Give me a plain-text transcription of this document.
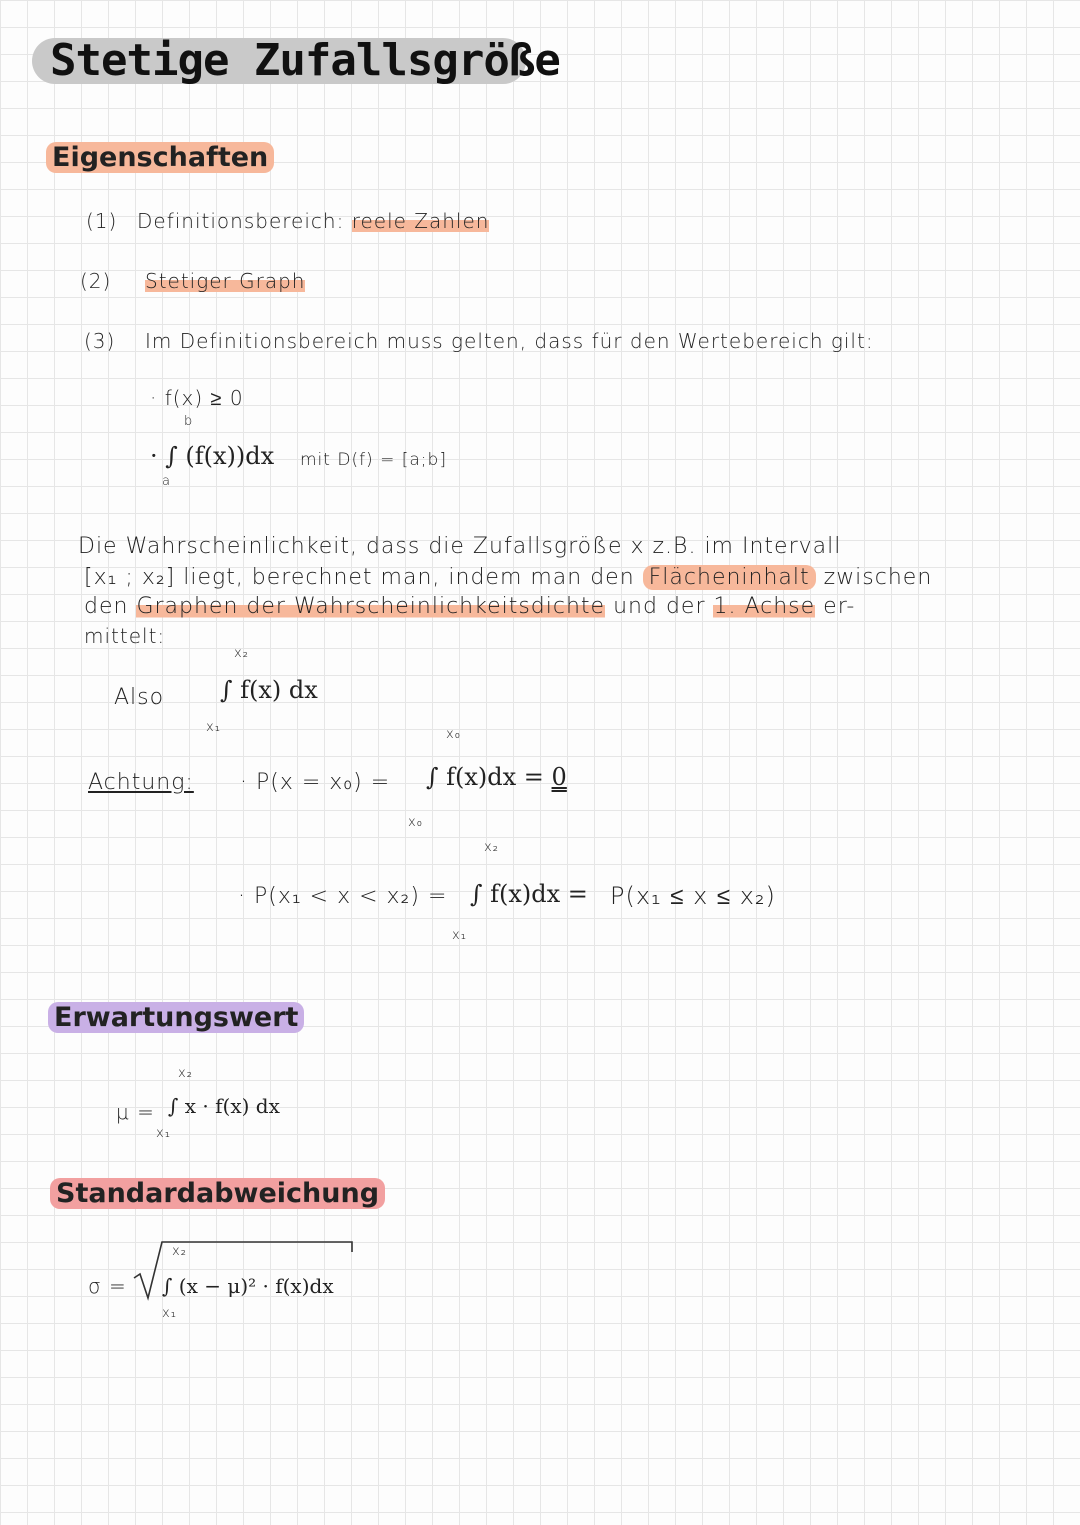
Stetige Zufallsgröße
Eigenschaften
(1) Definitionsbereich: reele Zahlen
(2) Stetiger Graph
(3) Im Definitionsbereich muss gelten, dass für den Wertebereich gilt:
· f(x) ≥ 0
b
· ∫ (f(x))dx
a
mit D(f) = [a;b]
Die Wahrscheinlichkeit, dass die Zufallsgröße x z.B. im Intervall
[x₁ ; x₂] liegt, berechnet man, indem man den Flächeninhalt zwischen
den Graphen der Wahrscheinlichkeitsdichte und der 1. Achse er-
mittelt:
Also
x₂
∫ f(x) dx
x₁
Achtung: · P(x = x₀) =
x₀
∫ f(x)dx = 0
x₀
· P(x₁ < x < x₂) =
x₂
∫ f(x)dx =
x₁
P(x₁ ≤ x ≤ x₂)
Erwartungswert
μ =
x₂
∫ x · f(x) dx
x₁
Standardabweichung
σ =
x₂
∫ (x − μ)² · f(x)dx
x₁
